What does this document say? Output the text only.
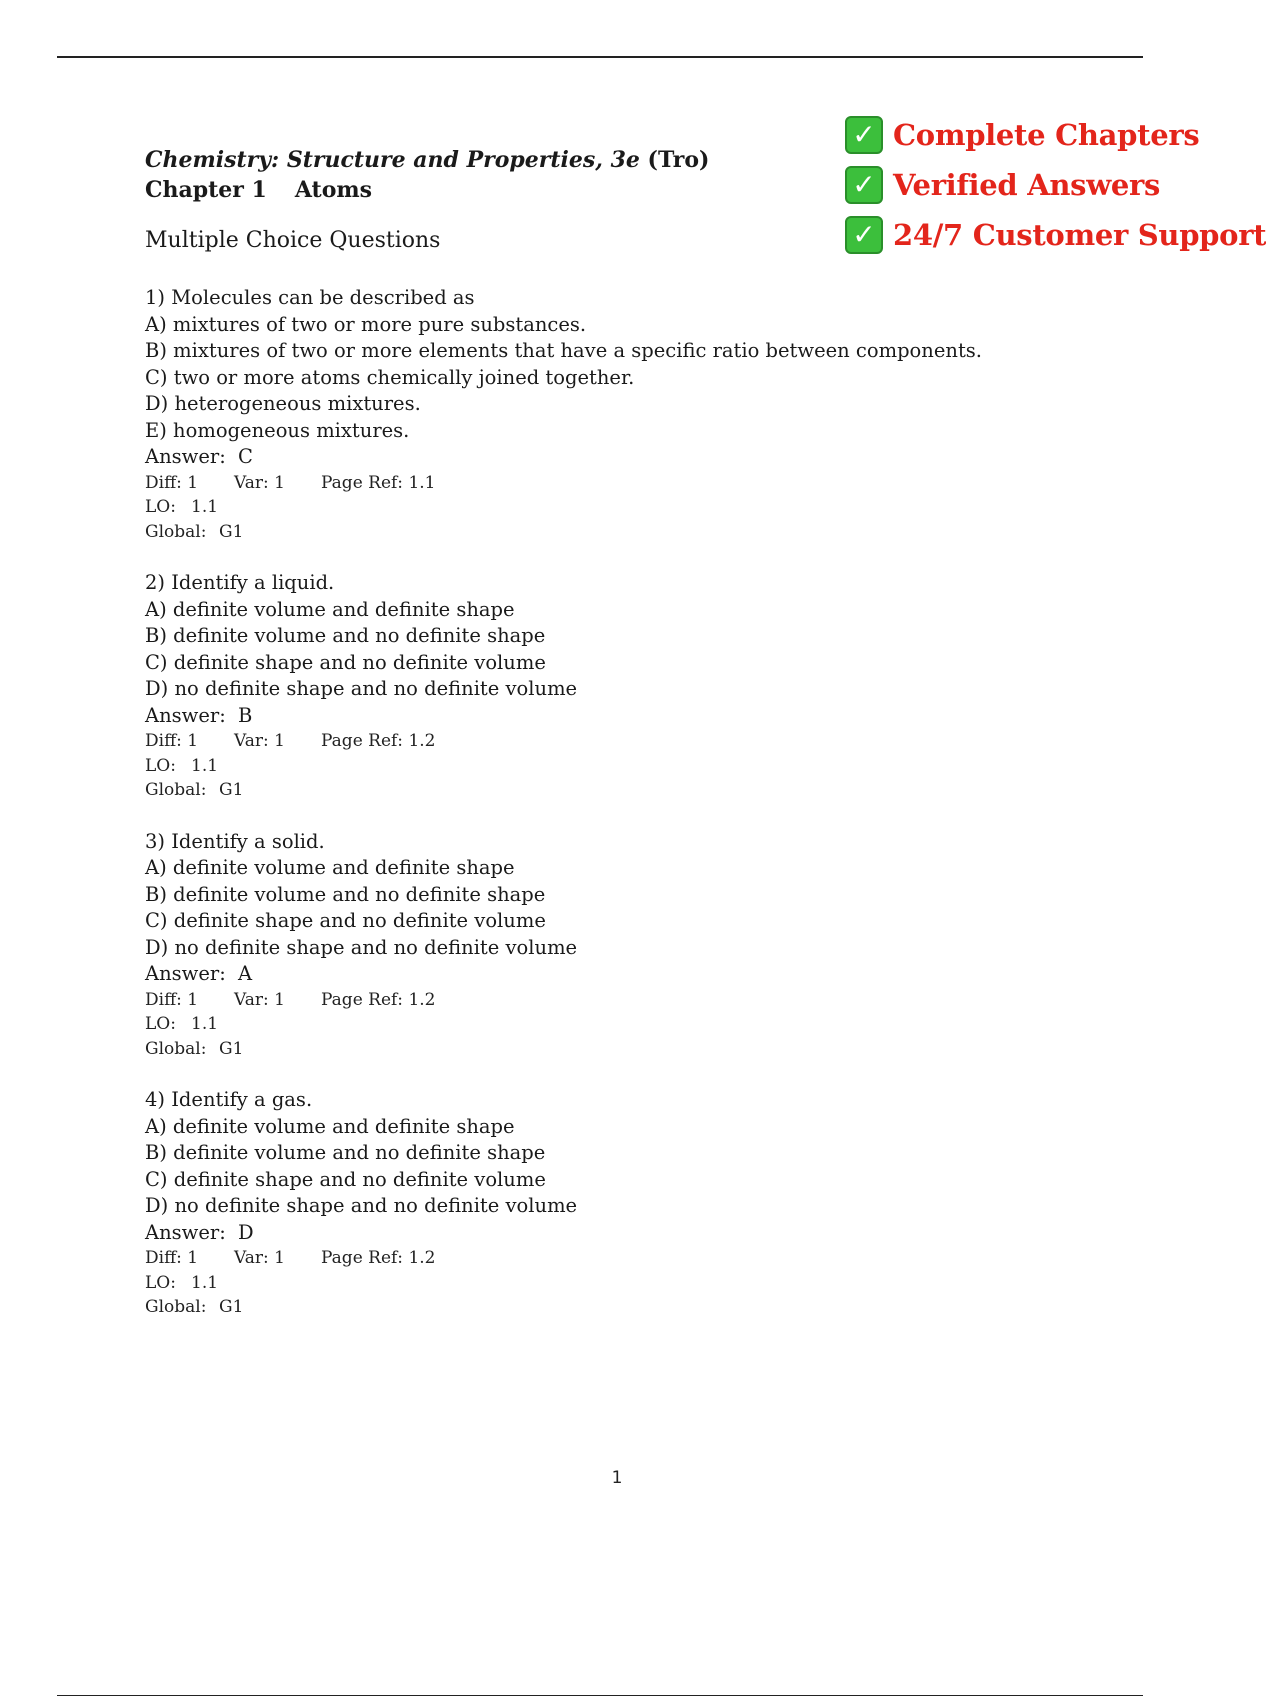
✓ Complete Chapters
✓ Verified Answers
✓ 24/7 Customer Support
Chemistry: Structure and Properties, 3e (Tro)
Chapter 1 Atoms
Multiple Choice Questions
1) Molecules can be described as
A) mixtures of two or more pure substances.
B) mixtures of two or more elements that have a specific ratio between components.
C) two or more atoms chemically joined together.
D) heterogeneous mixtures.
E) homogeneous mixtures.
Answer: C
Diff: 1 Var: 1 Page Ref: 1.1
LO: 1.1
Global: G1
2) Identify a liquid.
A) definite volume and definite shape
B) definite volume and no definite shape
C) definite shape and no definite volume
D) no definite shape and no definite volume
Answer: B
Diff: 1 Var: 1 Page Ref: 1.2
LO: 1.1
Global: G1
3) Identify a solid.
A) definite volume and definite shape
B) definite volume and no definite shape
C) definite shape and no definite volume
D) no definite shape and no definite volume
Answer: A
Diff: 1 Var: 1 Page Ref: 1.2
LO: 1.1
Global: G1
4) Identify a gas.
A) definite volume and definite shape
B) definite volume and no definite shape
C) definite shape and no definite volume
D) no definite shape and no definite volume
Answer: D
Diff: 1 Var: 1 Page Ref: 1.2
LO: 1.1
Global: G1
1
